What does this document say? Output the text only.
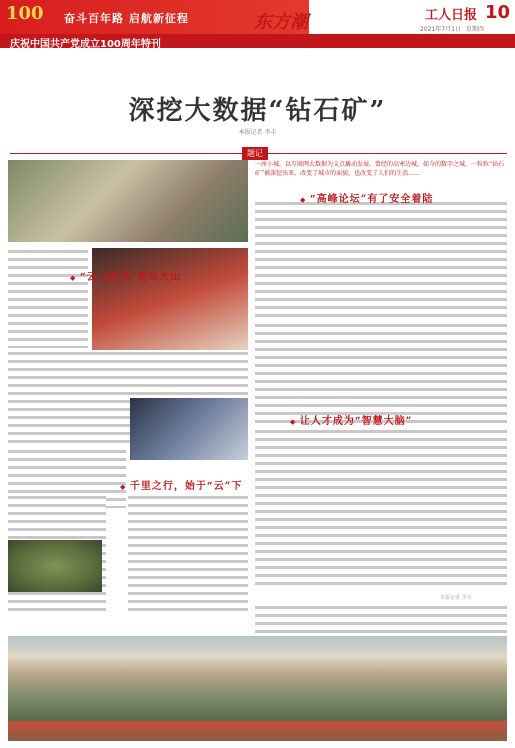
100	奋斗百年路 启航新征程	东方潮	工人日报 10
2021年7月1日 星期四
庆祝中国共产党成立100周年特刊
深挖大数据“钻石矿”
本报记者 李丰
题记
一座小城，以互联网大数据为支点撬动发展。曾经的高寒边城，如今的数字之城，一粒粒“钻石矿”被深挖出来，改变了城市的面貌，也改变了人们的生活……
◆ “云上路书”走出大山
◆ 千里之行，始于“云”下
◆ “高峰论坛”有了安全着陆
◆ 让人才成为“智慧大脑”
本报记者 李丰
